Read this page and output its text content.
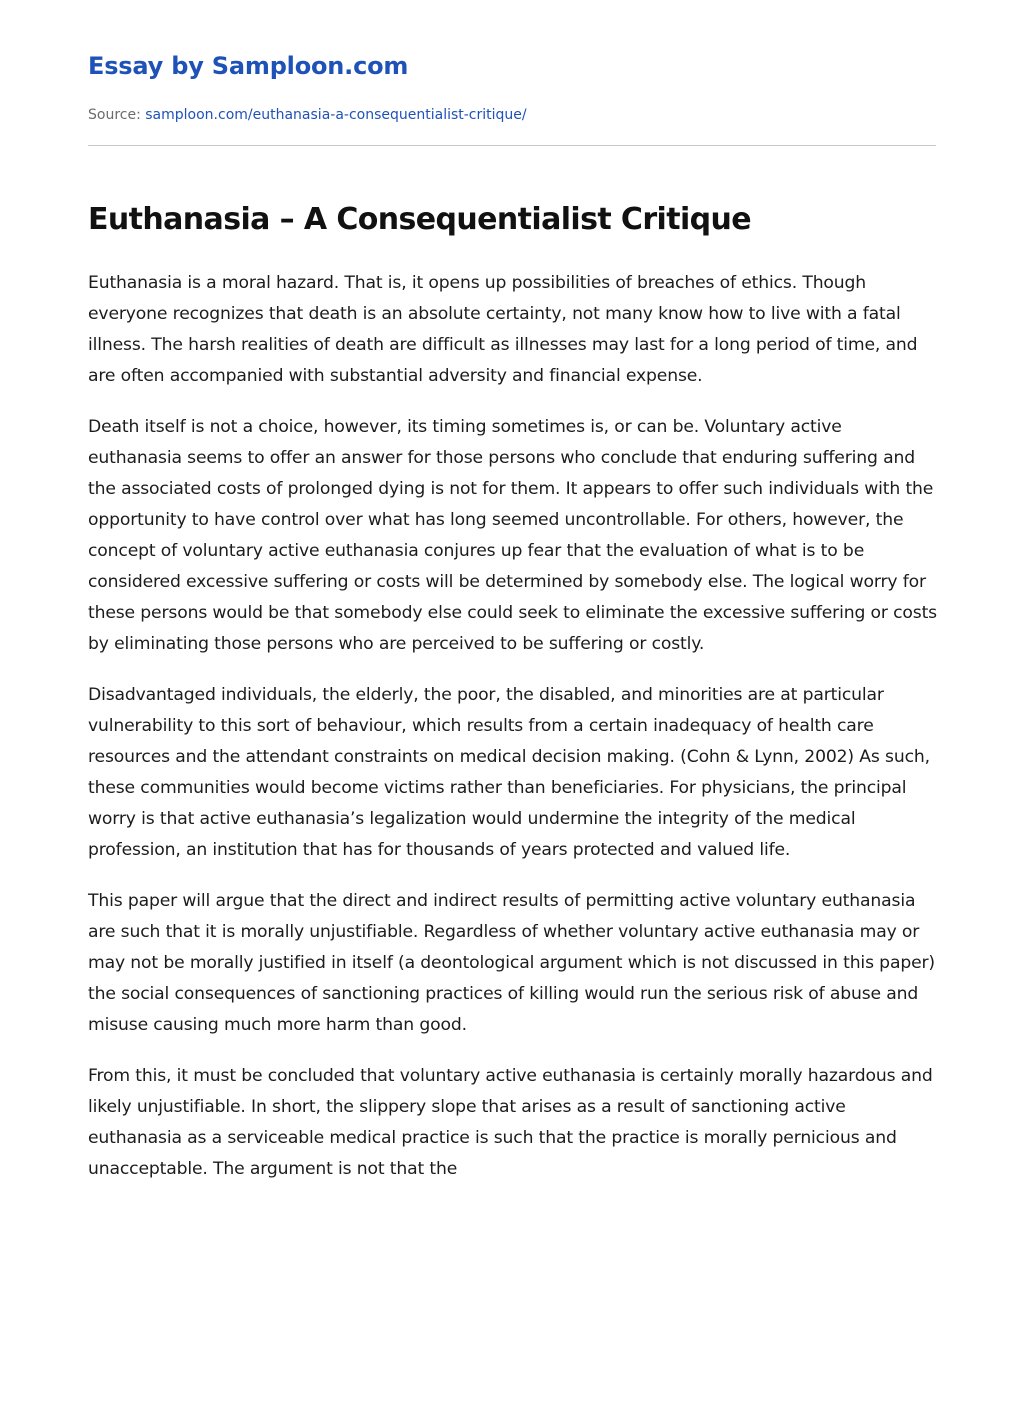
Essay by Samploon.com
Source: samploon.com/euthanasia-a-consequentialist-critique/
Euthanasia – A Consequentialist Critique

Euthanasia is a moral hazard. That is, it opens up possibilities of breaches of ethics. Though everyone recognizes that death is an absolute certainty, not many know how to live with a fatal illness. The harsh realities of death are difficult as illnesses may last for a long period of time, and are often accompanied with substantial adversity and financial expense.

Death itself is not a choice, however, its timing sometimes is, or can be. Voluntary active euthanasia seems to offer an answer for those persons who conclude that enduring suffering and the associated costs of prolonged dying is not for them. It appears to offer such individuals with the opportunity to have control over what has long seemed uncontrollable. For others, however, the concept of voluntary active euthanasia conjures up fear that the evaluation of what is to be considered excessive suffering or costs will be determined by somebody else. The logical worry for these persons would be that somebody else could seek to eliminate the excessive suffering or costs by eliminating those persons who are perceived to be suffering or costly.

Disadvantaged individuals, the elderly, the poor, the disabled, and minorities are at particular vulnerability to this sort of behaviour, which results from a certain inadequacy of health care resources and the attendant constraints on medical decision making. (Cohn & Lynn, 2002) As such, these communities would become victims rather than beneficiaries. For physicians, the principal worry is that active euthanasia’s legalization would undermine the integrity of the medical profession, an institution that has for thousands of years protected and valued life.

This paper will argue that the direct and indirect results of permitting active voluntary euthanasia are such that it is morally unjustifiable. Regardless of whether voluntary active euthanasia may or may not be morally justified in itself (a deontological argument which is not discussed in this paper) the social consequences of sanctioning practices of killing would run the serious risk of abuse and misuse causing much more harm than good.

From this, it must be concluded that voluntary active euthanasia is certainly morally hazardous and likely unjustifiable. In short, the slippery slope that arises as a result of sanctioning active euthanasia as a serviceable medical practice is such that the practice is morally pernicious and unacceptable. The argument is not that the
